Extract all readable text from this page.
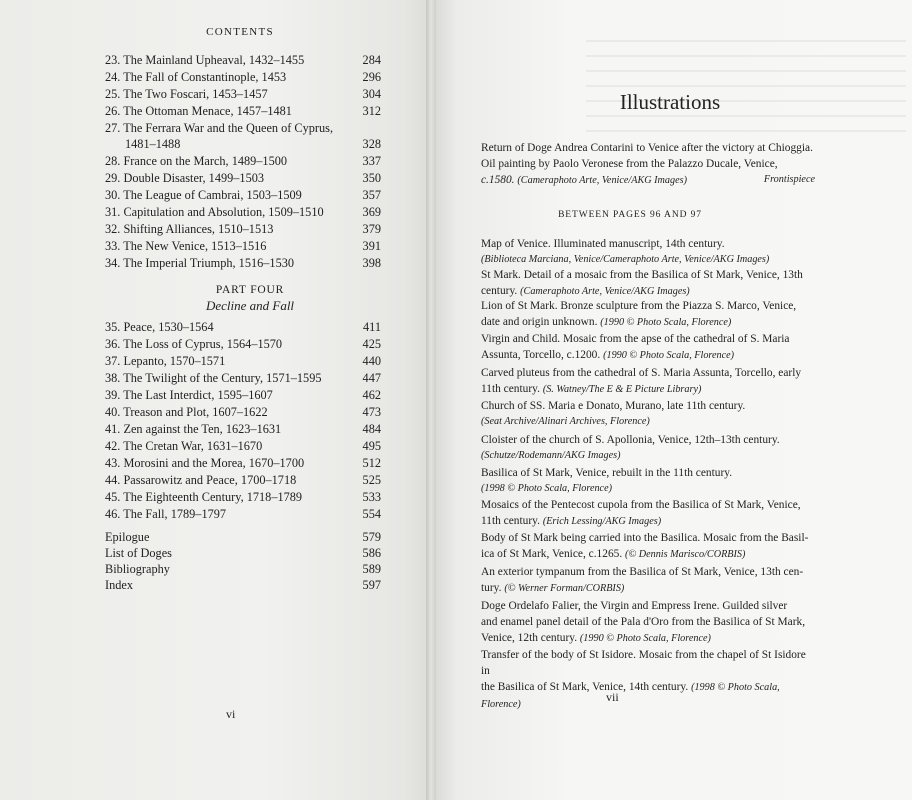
CONTENTS
23. The Mainland Upheaval, 1432–1455	284
24. The Fall of Constantinople, 1453	296
25. The Two Foscari, 1453–1457	304
26. The Ottoman Menace, 1457–1481	312
27. The Ferrara War and the Queen of Cyprus,
1481–1488	328
28. France on the March, 1489–1500	337
29. Double Disaster, 1499–1503	350
30. The League of Cambrai, 1503–1509	357
31. Capitulation and Absolution, 1509–1510	369
32. Shifting Alliances, 1510–1513	379
33. The New Venice, 1513–1516	391
34. The Imperial Triumph, 1516–1530	398
PART FOUR
Decline and Fall
35. Peace, 1530–1564	411
36. The Loss of Cyprus, 1564–1570	425
37. Lepanto, 1570–1571	440
38. The Twilight of the Century, 1571–1595	447
39. The Last Interdict, 1595–1607	462
40. Treason and Plot, 1607–1622	473
41. Zen against the Ten, 1623–1631	484
42. The Cretan War, 1631–1670	495
43. Morosini and the Morea, 1670–1700	512
44. Passarowitz and Peace, 1700–1718	525
45. The Eighteenth Century, 1718–1789	533
46. The Fall, 1789–1797	554
Epilogue	579
List of Doges	586
Bibliography	589
Index	597
vi
Illustrations
Return of Doge Andrea Contarini to Venice after the victory at Chioggia.
Oil painting by Paolo Veronese from the Palazzo Ducale, Venice,
c.1580. (Cameraphoto Arte, Venice/AKG Images)	Frontispiece
BETWEEN PAGES 96 AND 97
Map of Venice. Illuminated manuscript, 14th century.
(Biblioteca Marciana, Venice/Cameraphoto Arte, Venice/AKG Images)
St Mark. Detail of a mosaic from the Basilica of St Mark, Venice, 13th
century. (Cameraphoto Arte, Venice/AKG Images)
Lion of St Mark. Bronze sculpture from the Piazza S. Marco, Venice,
date and origin unknown. (1990 © Photo Scala, Florence)
Virgin and Child. Mosaic from the apse of the cathedral of S. Maria
Assunta, Torcello, c.1200. (1990 © Photo Scala, Florence)
Carved pluteus from the cathedral of S. Maria Assunta, Torcello, early
11th century. (S. Watney/The E & E Picture Library)
Church of SS. Maria e Donato, Murano, late 11th century.
(Seat Archive/Alinari Archives, Florence)
Cloister of the church of S. Apollonia, Venice, 12th–13th century.
(Schutze/Rodemann/AKG Images)
Basilica of St Mark, Venice, rebuilt in the 11th century.
(1998 © Photo Scala, Florence)
Mosaics of the Pentecost cupola from the Basilica of St Mark, Venice,
11th century. (Erich Lessing/AKG Images)
Body of St Mark being carried into the Basilica. Mosaic from the Basil-
ica of St Mark, Venice, c.1265. (© Dennis Marisco/CORBIS)
An exterior tympanum from the Basilica of St Mark, Venice, 13th cen-
tury. (© Werner Forman/CORBIS)
Doge Ordelafo Falier, the Virgin and Empress Irene. Guilded silver
and enamel panel detail of the Pala d'Oro from the Basilica of St Mark,
Venice, 12th century. (1990 © Photo Scala, Florence)
Transfer of the body of St Isidore. Mosaic from the chapel of St Isidore in
the Basilica of St Mark, Venice, 14th century. (1998 © Photo Scala, Florence)
vii
